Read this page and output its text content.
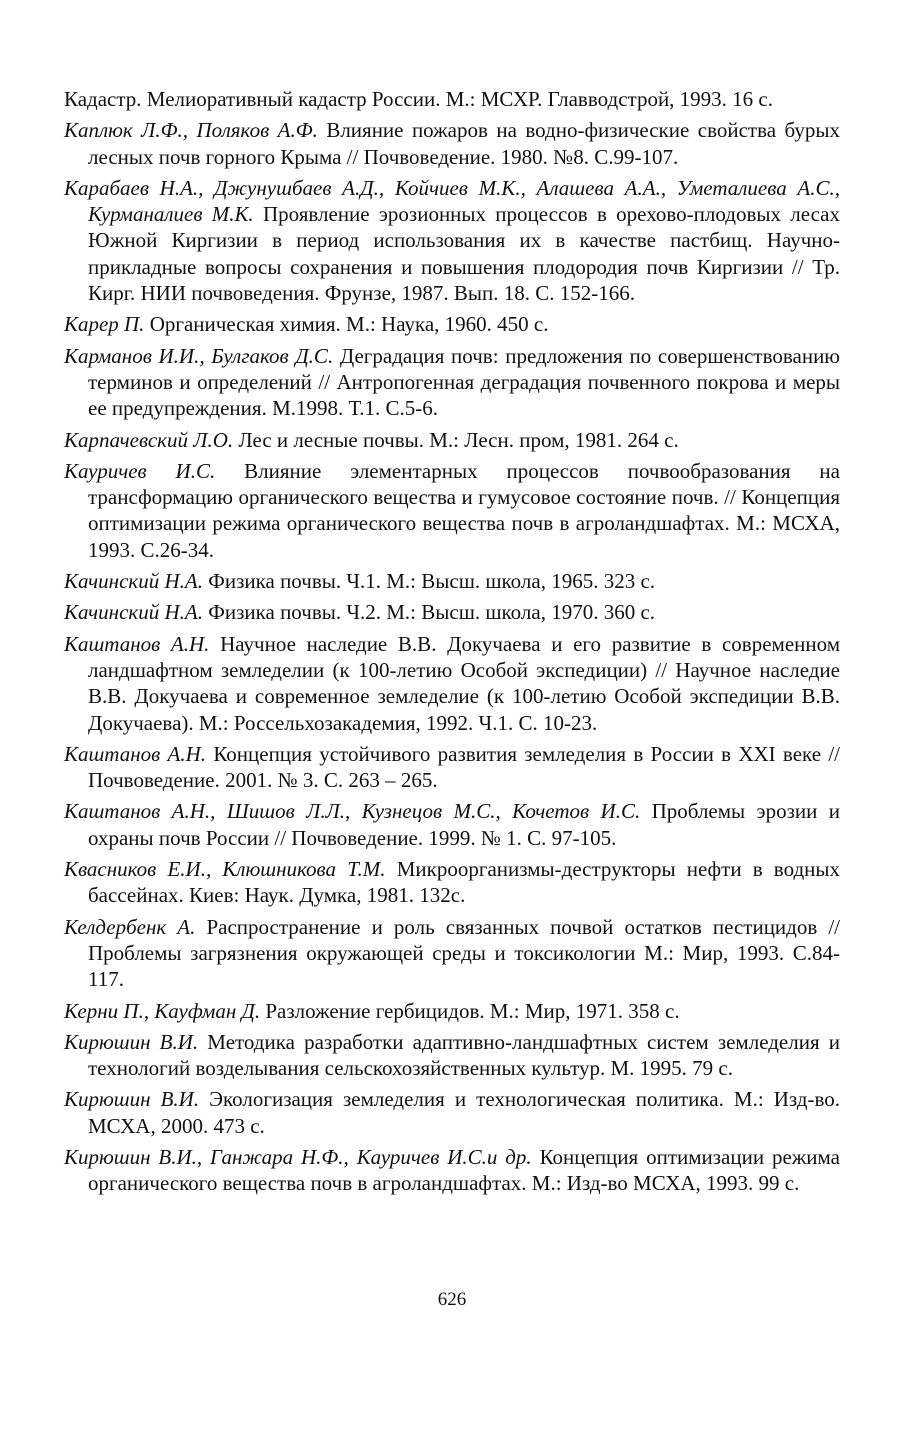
Кадастр. Мелиоративный кадастр России. М.: МСХР. Главводстрой, 1993. 16 с.
Каплюк Л.Ф., Поляков А.Ф. Влияние пожаров на водно-физические свойства бурых лесных почв горного Крыма // Почвоведение. 1980. №8. С.99-107.
Карабаев Н.А., Джунушбаев А.Д., Койчиев М.К., Алашева А.А., Уметалиева А.С., Курманалиев М.К. Проявление эрозионных процессов в орехово-плодовых лесах Южной Киргизии в период использования их в качестве пастбищ. Научно-прикладные вопросы сохранения и повышения плодородия почв Киргизии // Тр. Кирг. НИИ почвоведения. Фрунзе, 1987. Вып. 18. С. 152-166.
Карер П. Органическая химия. М.: Наука, 1960. 450 с.
Карманов И.И., Булгаков Д.С. Деградация почв: предложения по совершенствованию терминов и определений // Антропогенная деградация почвенного покрова и меры ее предупреждения. М.1998. Т.1. С.5-6.
Карпачевский Л.О. Лес и лесные почвы. М.: Лесн. пром, 1981. 264 с.
Кауричев И.С. Влияние элементарных процессов почвообразования на трансформацию органического вещества и гумусовое состояние почв. // Концепция оптимизации режима органического вещества почв в агроландшафтах. М.: МСХА, 1993. С.26-34.
Качинский Н.А. Физика почвы. Ч.1. М.: Высш. школа, 1965. 323 с.
Качинский Н.А. Физика почвы. Ч.2. М.: Высш. школа, 1970. 360 с.
Каштанов А.Н. Научное наследие В.В. Докучаева и его развитие в современном ландшафтном земледелии (к 100-летию Особой экспедиции) // Научное наследие В.В. Докучаева и современное земледелие (к 100-летию Особой экспедиции В.В. Докучаева). М.: Россельхозакадемия, 1992. Ч.1. С. 10-23.
Каштанов А.Н. Концепция устойчивого развития земледелия в России в XXI веке // Почвоведение. 2001. № 3. С. 263 – 265.
Каштанов А.Н., Шишов Л.Л., Кузнецов М.С., Кочетов И.С. Проблемы эрозии и охраны почв России // Почвоведение. 1999. № 1. С. 97-105.
Квасников Е.И., Клюшникова Т.М. Микроорганизмы-деструкторы нефти в водных бассейнах. Киев: Наук. Думка, 1981. 132с.
Келдербенк А. Распространение и роль связанных почвой остатков пестицидов // Проблемы загрязнения окружающей среды и токсикологии М.: Мир, 1993. С.84-117.
Керни П., Кауфман Д. Разложение гербицидов. М.: Мир, 1971. 358 с.
Кирюшин В.И. Методика разработки адаптивно-ландшафтных систем земледелия и технологий возделывания сельскохозяйственных культур. М. 1995. 79 с.
Кирюшин В.И. Экологизация земледелия и технологическая политика. М.: Изд-во. МСХА, 2000. 473 с.
Кирюшин В.И., Ганжара Н.Ф., Кауричев И.С.и др. Концепция оптимизации режима органического вещества почв в агроландшафтах. М.: Изд-во МСХА, 1993. 99 с.
626
